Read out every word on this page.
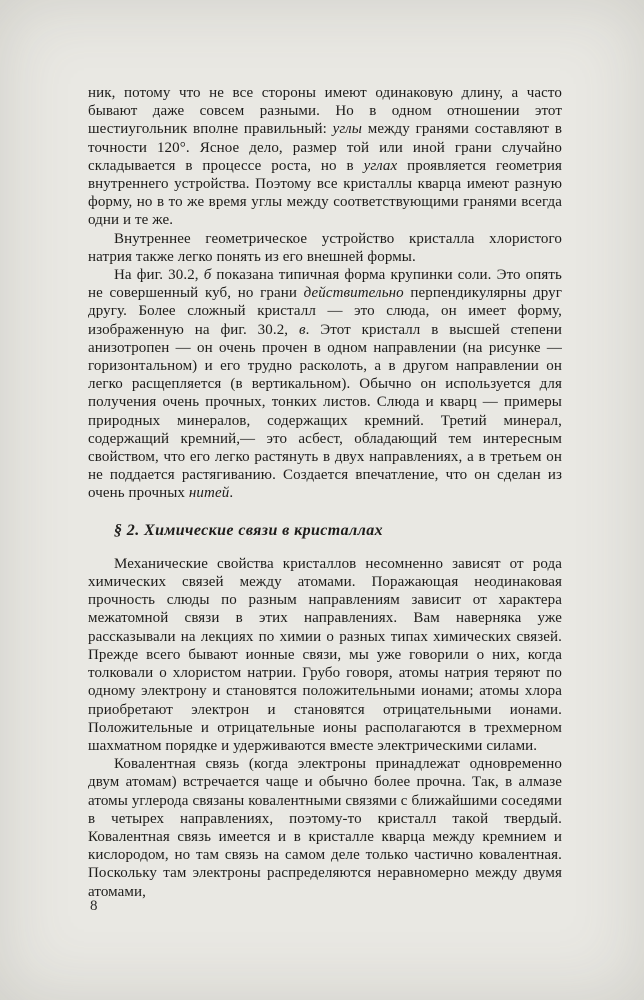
ник, потому что не все стороны имеют одинаковую длину, а часто бывают даже совсем разными. Но в одном отношении этот шестиугольник вполне правильный: углы между гранями составляют в точности 120°. Ясное дело, размер той или иной грани случайно складывается в процессе роста, но в углах проявляется геометрия внутреннего устройства. Поэтому все кристаллы кварца имеют разную форму, но в то же время углы между соответствующими гранями всегда одни и те же.

Внутреннее геометрическое устройство кристалла хлористого натрия также легко понять из его внешней формы.

На фиг. 30.2, б показана типичная форма крупинки соли. Это опять не совершенный куб, но грани действительно перпендикулярны друг другу. Более сложный кристалл — это слюда, он имеет форму, изображенную на фиг. 30.2, в. Этот кристалл в высшей степени анизотропен — он очень прочен в одном направлении (на рисунке — горизонтальном) и его трудно расколоть, а в другом направлении он легко расщепляется (в вертикальном). Обычно он используется для получения очень прочных, тонких листов. Слюда и кварц — примеры природных минералов, содержащих кремний. Третий минерал, содержащий кремний,— это асбест, обладающий тем интересным свойством, что его легко растянуть в двух направлениях, а в третьем он не поддается растягиванию. Создается впечатление, что он сделан из очень прочных нитей.

§ 2. Химические связи в кристаллах

Механические свойства кристаллов несомненно зависят от рода химических связей между атомами. Поражающая неодинаковая прочность слюды по разным направлениям зависит от характера межатомной связи в этих направлениях. Вам наверняка уже рассказывали на лекциях по химии о разных типах химических связей. Прежде всего бывают ионные связи, мы уже говорили о них, когда толковали о хлористом натрии. Грубо говоря, атомы натрия теряют по одному электрону и становятся положительными ионами; атомы хлора приобретают электрон и становятся отрицательными ионами. Положительные и отрицательные ионы располагаются в трехмерном шахматном порядке и удерживаются вместе электрическими силами.

Ковалентная связь (когда электроны принадлежат одновременно двум атомам) встречается чаще и обычно более прочна. Так, в алмазе атомы углерода связаны ковалентными связями с ближайшими соседями в четырех направлениях, поэтому-то кристалл такой твердый. Ковалентная связь имеется и в кристалле кварца между кремнием и кислородом, но там связь на самом деле только частично ковалентная. Поскольку там электроны распределяются неравномерно между двумя атомами,

8
